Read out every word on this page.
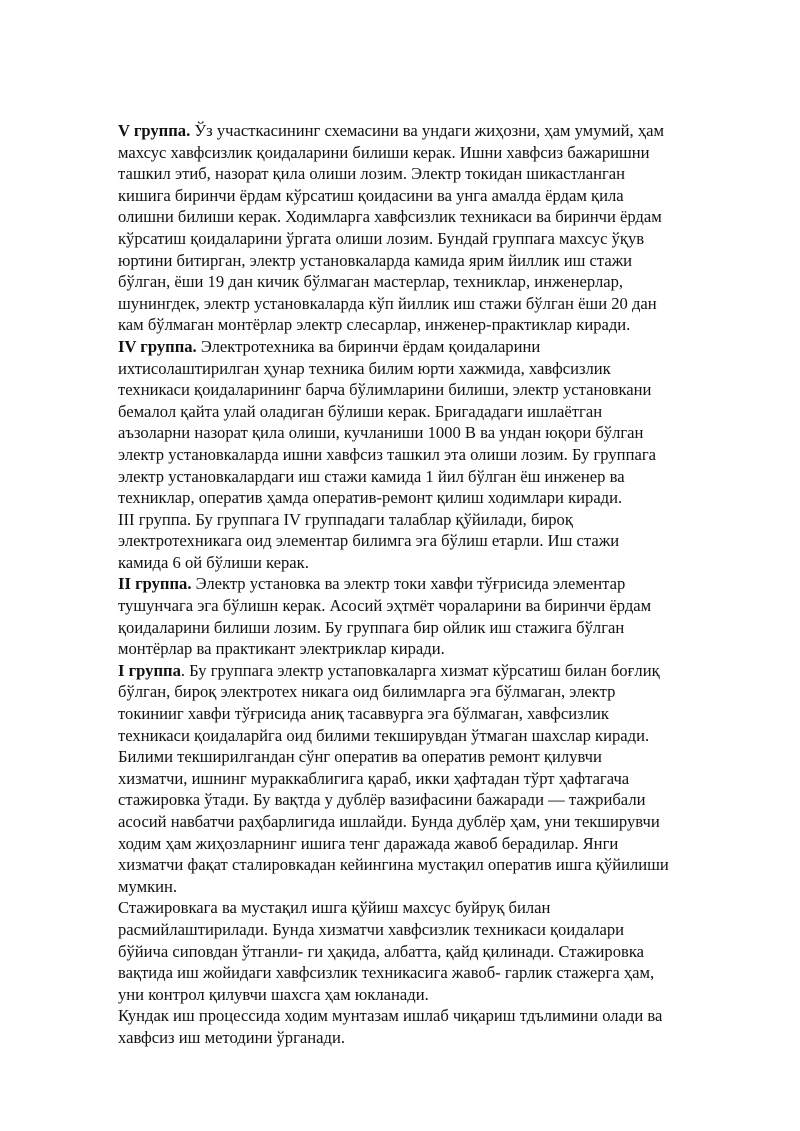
V группа. Ўз участкасининг схемасини ва ундаги жиҳозни, ҳам умумий, ҳам
махсус хавфсизлик қоидаларини билиши керак. Ишни хавфсиз бажаришни
ташкил этиб, назорат қила олиши лозим. Электр токидан шикастланган
кишига биринчи ёрдам кўрсатиш қоидасини ва унга амалда ёрдам қила
олишни билиши керак. Ходимларга хавфсизлик техникаси ва биринчи ёрдам
кўрсатиш қоидаларини ўргата олиши лозим. Бундай группага махсус ўқув
юртини битирган, электр установкаларда камида ярим йиллик иш стажи
бўлган, ёши 19 дан кичик бўлмаган мастерлар, техниклар, инженерлар,
шунингдек, электр установкаларда кўп йиллик иш стажи бўлган ёши 20 дан
кам бўлмаган монтёрлар электр слесарлар, инженер-практиклар киради.
IV группа. Электротехника ва биринчи ёрдам қоидаларини
ихтисолаштирилган ҳунар техника билим юрти хажмида, хавфсизлик
техникаси қоидаларининг барча бўлимларини билиши, электр установкани
бемалол қайта улай оладиган бўлиши керак. Бригададаги ишлаётган
аъзоларни назорат қила олиши, кучланиши 1000 В ва ундан юқори бўлган
электр установкаларда ишни хавфсиз ташкил эта олиши лозим. Бу группага
электр установкалардаги иш стажи камида 1 йил бўлган ёш инженер ва
техниклар, оператив ҳамда оператив-ремонт қилиш ходимлари киради.
III группа. Бу группага IV группадаги талаблар қўйилади, бироқ
электротехникага оид элементар билимга эга бўлиш етарли. Иш стажи
камида 6 ой бўлиши керак.
II группа. Электр установка ва электр токи хавфи тўғрисида элементар
тушунчага эга бўлишн керак. Асосий эҳтмёт чораларини ва биринчи ёрдам
қоидаларини билиши лозим. Бу группага бир ойлик иш стажига бўлган
монтёрлар ва практикант электриклар киради.
I группа. Бу группага электр устаповкаларга хизмат кўрсатиш билан боғлиқ
бўлган, бироқ электротех никага оид билимларга эга бўлмаган, электр
токинииг хавфи тўғрисида аниқ тасаввурга эга бўлмаган, хавфсизлик
техникаси қоидаларйга оид билими текширувдан ўтмаган шахслар киради.
Билими текширилгандан сўнг оператив ва оператив ремонт қилувчи
хизматчи, ишнинг мураккаблигига қараб, икки ҳафтадан тўрт ҳафтагача
стажировка ўтади. Бу вақтда у дублёр вазифасини бажаради — тажрибали
асосий навбатчи раҳбарлигида ишлайди. Бунда дублёр ҳам, уни текширувчи
ходим ҳам жиҳозларнинг ишига тенг даражада жавоб берадилар. Янги
хизматчи фақат сталировкадан кейингина мустақил оператив ишга қўйилиши
мумкин.
Стажировкага ва мустақил ишга қўйиш махсус буйруқ билан
расмийлаштирилади. Бунда хизматчи хавфсизлик техникаси қоидалари
бўйича сиповдан ўтганли- ги ҳақида, албатта, қайд қилинади. Стажировка
вақтида иш жойидаги хавфсизлик техникасига жавоб- гарлик стажерга ҳам,
уни контрол қилувчи шахсга ҳам юкланади.
Кундак иш процессида ходим мунтазам ишлаб чиқариш тдълимини олади ва
хавфсиз иш методини ўрганади.
